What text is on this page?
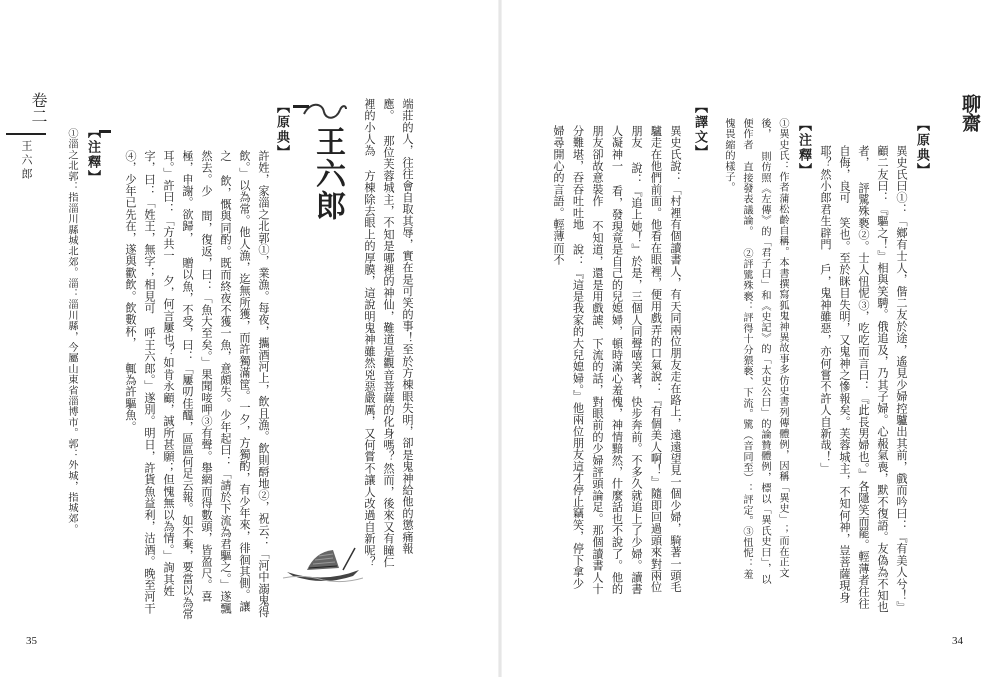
卷二
王六郎	端莊的人，往往會自取其辱，實在是可笑的事！至於方棟眼失明，卻是鬼神給他的懲痛報應。 那位芙蓉城主，不知是哪裡的神仙，難道是觀音菩薩的化身嗎？然而，後來又有瞳仁裡的小人為 方棟除去眼上的厚膜，這說明鬼神雖然兇惡嚴厲，又何嘗不讓人改過自新呢？
王六郎
【原典】
許姓，家淄之北郭①，業漁。每夜，攜酒河上，飲且漁。飲則酹地②，祝云：「河中溺鬼得 飲。」以為常。他人漁，迄無所獲，而許獨滿筐。一夕，方獨酌，有少年來，徘徊其側。讓之 飲，慨與同酌。既而終夜不獲一魚，意頗失。少年起曰：「請於下流為君驅之。」遂飄然去。少 間，復返，曰：「魚大至矣。」果聞唼呷③有聲。舉網而得數頭，皆盈尺。喜極，申謝。欲歸， 贈以魚，不受，曰：「屢叨佳醞，區區何足云報。如不棄，要當以為常耳。」許曰：「方共一 夕，何言屢也？如肯永顧，誠所甚願；但愧無以為情。」詢其姓字，曰：「姓王，無字；相見可 呼王六郎。」遂別。明日，許貨魚益利，沽酒。晚至河干④，少年已先在，遂與歡飲。飲數杯， 輒為許驅魚。
【注釋】
①淄之北郭：指淄川縣城北郊。淄：淄川縣，今屬山東省淄博市。郭：外城，指城郊。
35
聊齋
【原典】
異史氏曰①：「鄉有士人，偕二友於途，遙見少婦控驢出其前，戲而吟曰：『有美人兮！』 顧二友曰：『驅之！』相與笑騁。俄追及，乃其子婦。心赧氣喪，默不復語。友偽為不知也者， 評騭殊褻②。士人忸怩③，吃吃而言曰：『此長男婦也。』各隱笑而罷。輕薄者往往自侮，良可 笑也。至於眯目失明，又鬼神之慘報矣。芙蓉城主，不知何神，豈菩薩現身耶？然小郎君生辟門 戶，鬼神雖惡，亦何嘗不許人自新哉！」
【注釋】
①異史氏：作者蒲松齡自稱。本書撰寫狐鬼神異故事多仿史書列傳體例，因稱「異史」；而在正文後， 則仿照《左傳》的「君子曰」和《史記》的「太史公曰」的論贊體例，標以「異氏史曰」，以便作者 直接發表議論。 ②評騭殊褻：評得十分猥褻、下流。騭（音同至）：評定。③忸怩：羞愧畏縮的樣子。
【譯文】
異史氏說：「村裡有個讀書人，有天同兩位朋友走在路上，遠遠望見一個少婦，騎著一頭毛 驢走在他們前面。他看在眼裡，便用戲弄的口氣說：『有個美人啊！』隨即回過頭來對兩位朋友 說：『追上她！』於是，三個人同聲嘻笑著，快步奔前。不多久就追上了少婦。讀書人凝神一 看，發現竟是自己的兒媳婦，頓時滿心羞愧，神情黯然，什麼話也不說了。他的朋友卻故意裝作 不知道，還是用戲謔、下流的話，對眼前的少婦評頭論足。那個讀書人十分難堪，吞吞吐吐地 說：『這是我家的大兒媳婦。』他兩位朋友這才停止竊笑，停下拿少婦尋開心的言語。輕薄而不
34
